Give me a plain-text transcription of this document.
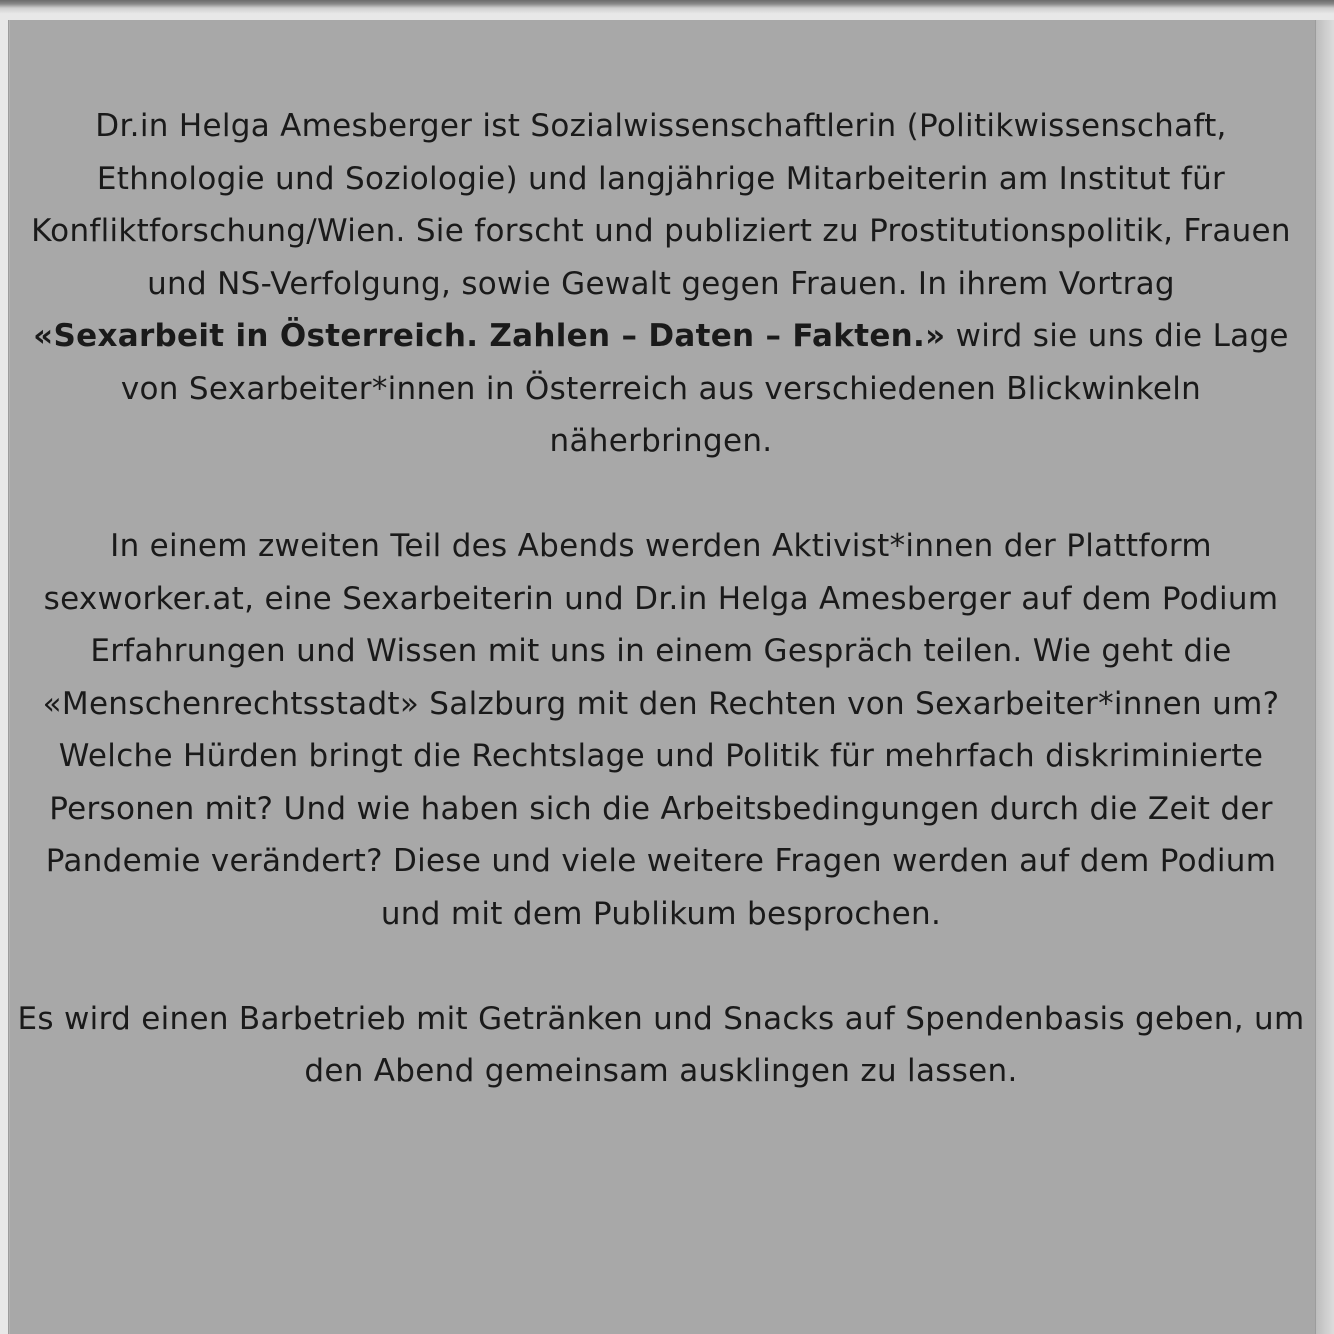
Dr.in Helga Amesberger ist Sozialwissenschaftlerin (Politikwissenschaft, Ethnologie und Soziologie) und langjährige Mitarbeiterin am Institut für Konfliktforschung/Wien. Sie forscht und publiziert zu Prostitutionspolitik, Frauen und NS-Verfolgung, sowie Gewalt gegen Frauen. In ihrem Vortrag
«Sexarbeit in Österreich. Zahlen – Daten – Fakten.» wird sie uns die Lage von Sexarbeiter*innen in Österreich aus verschiedenen Blickwinkeln näherbringen.

In einem zweiten Teil des Abends werden Aktivist*innen der Plattform sexworker.at, eine Sexarbeiterin und Dr.in Helga Amesberger auf dem Podium Erfahrungen und Wissen mit uns in einem Gespräch teilen. Wie geht die «Menschenrechtsstadt» Salzburg mit den Rechten von Sexarbeiter*innen um? Welche Hürden bringt die Rechtslage und Politik für mehrfach diskriminierte Personen mit? Und wie haben sich die Arbeitsbedingungen durch die Zeit der Pandemie verändert? Diese und viele weitere Fragen werden auf dem Podium und mit dem Publikum besprochen.

Es wird einen Barbetrieb mit Getränken und Snacks auf Spendenbasis geben, um den Abend gemeinsam ausklingen zu lassen.
